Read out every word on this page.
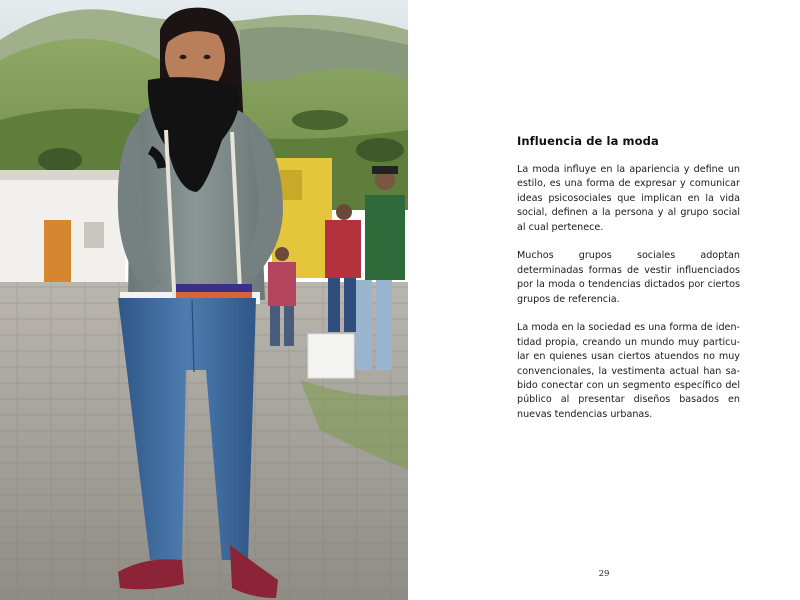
Influencia de la moda

La moda influye en la apariencia y define un estilo, es una forma de expresar y comunicar ideas psicosociales que implican en la vida social, definen a la persona y al grupo social al cual pertenece.

Muchos grupos sociales adoptan determinadas formas de vestir influenciados por la moda o tendencias dictados por ciertos grupos de referencia.

La moda en la sociedad es una forma de identidad propia, creando un mundo muy particular en quienes usan ciertos atuendos no muy convencionales, la vestimenta actual han sabido conectar con un segmento específico del público al presentar diseños basados en nuevas tendencias urbanas.

29
